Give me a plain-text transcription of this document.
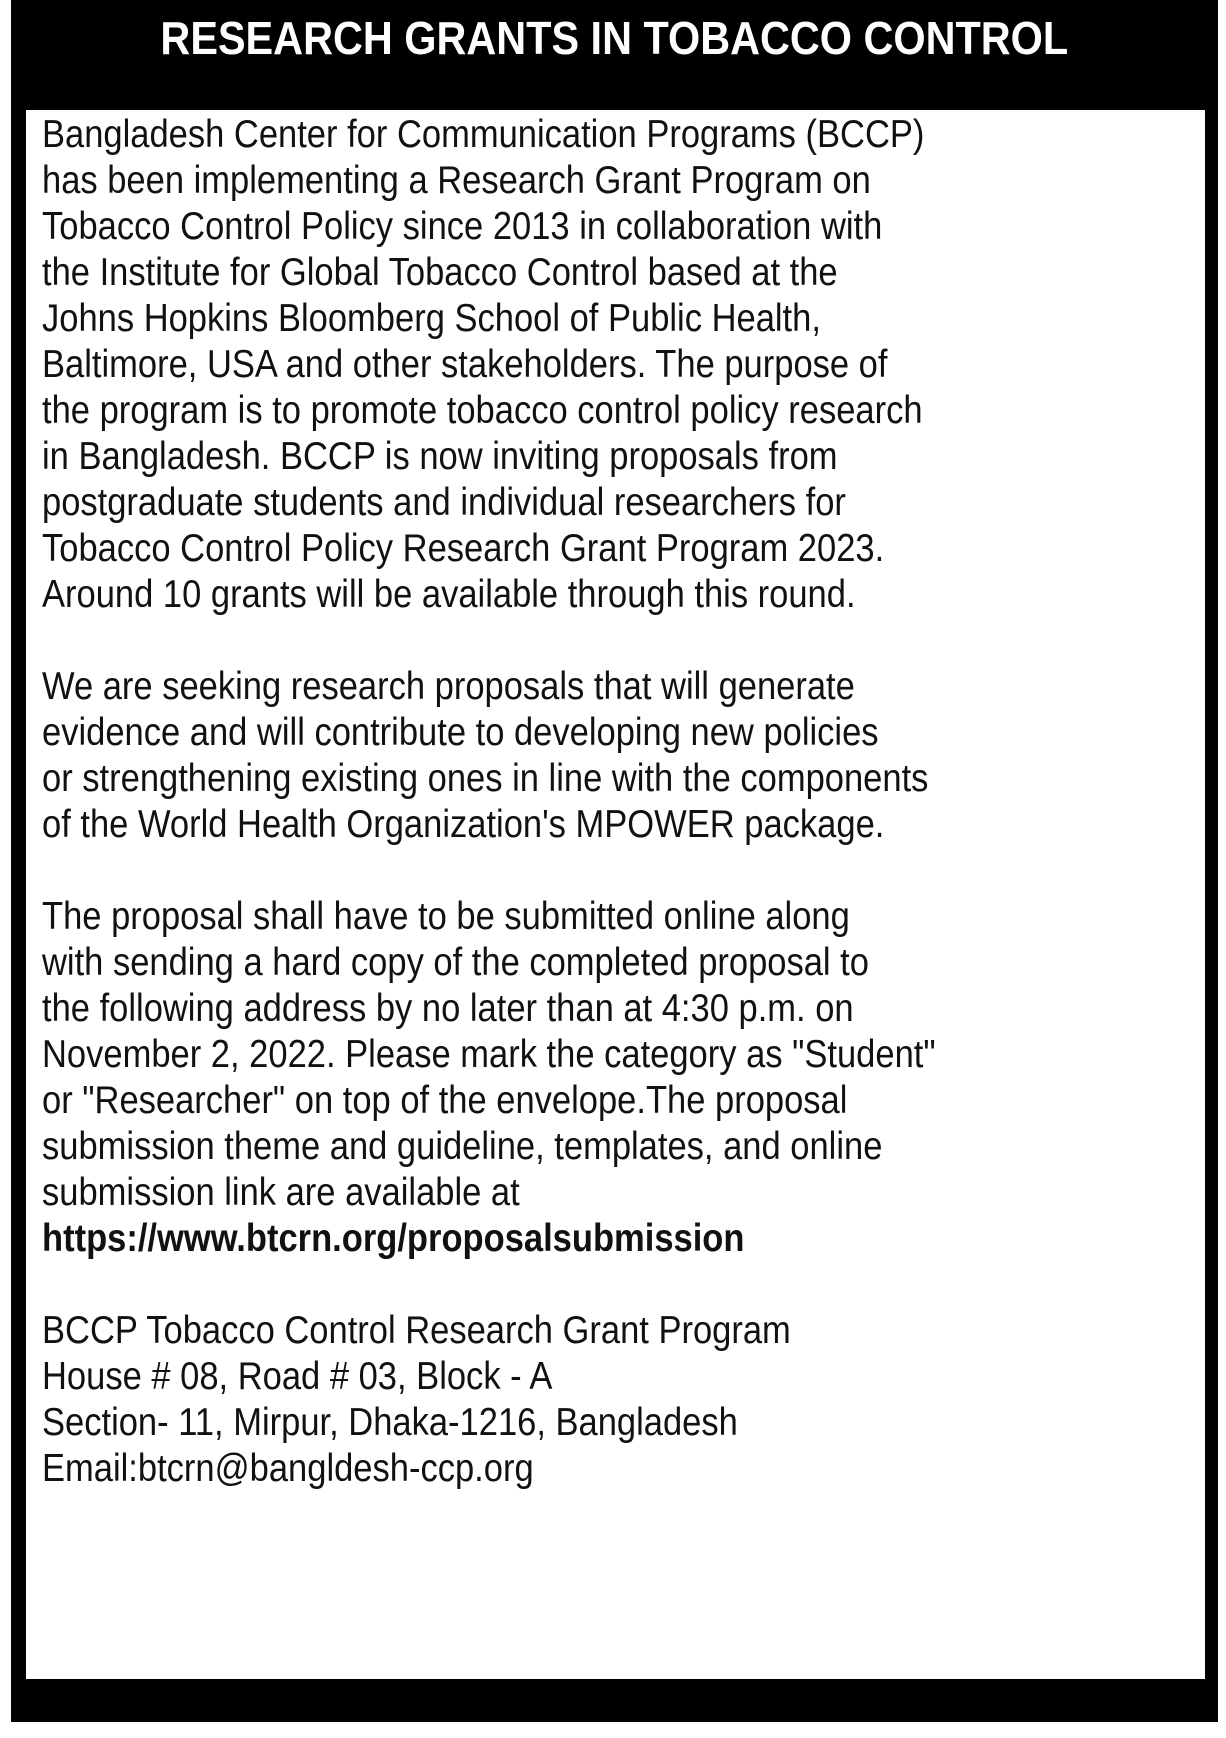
RESEARCH GRANTS IN TOBACCO CONTROL

Bangladesh Center for Communication Programs (BCCP)
has been implementing a Research Grant Program on
Tobacco Control Policy since 2013 in collaboration with
the Institute for Global Tobacco Control based at the
Johns Hopkins Bloomberg School of Public Health,
Baltimore, USA and other stakeholders. The purpose of
the program is to promote tobacco control policy research
in Bangladesh. BCCP is now inviting proposals from
postgraduate students and individual researchers for
Tobacco Control Policy Research Grant Program 2023.
Around 10 grants will be available through this round.

We are seeking research proposals that will generate
evidence and will contribute to developing new policies
or strengthening existing ones in line with the components
of the World Health Organization's MPOWER package.

The proposal shall have to be submitted online along
with sending a hard copy of the completed proposal to
the following address by no later than at 4:30 p.m. on
November 2, 2022. Please mark the category as "Student"
or "Researcher" on top of the envelope.The proposal
submission theme and guideline, templates, and online
submission link are available at
https://www.btcrn.org/proposalsubmission

BCCP Tobacco Control Research Grant Program
House # 08, Road # 03, Block - A
Section- 11, Mirpur, Dhaka-1216, Bangladesh
Email:btcrn@bangldesh-ccp.org
